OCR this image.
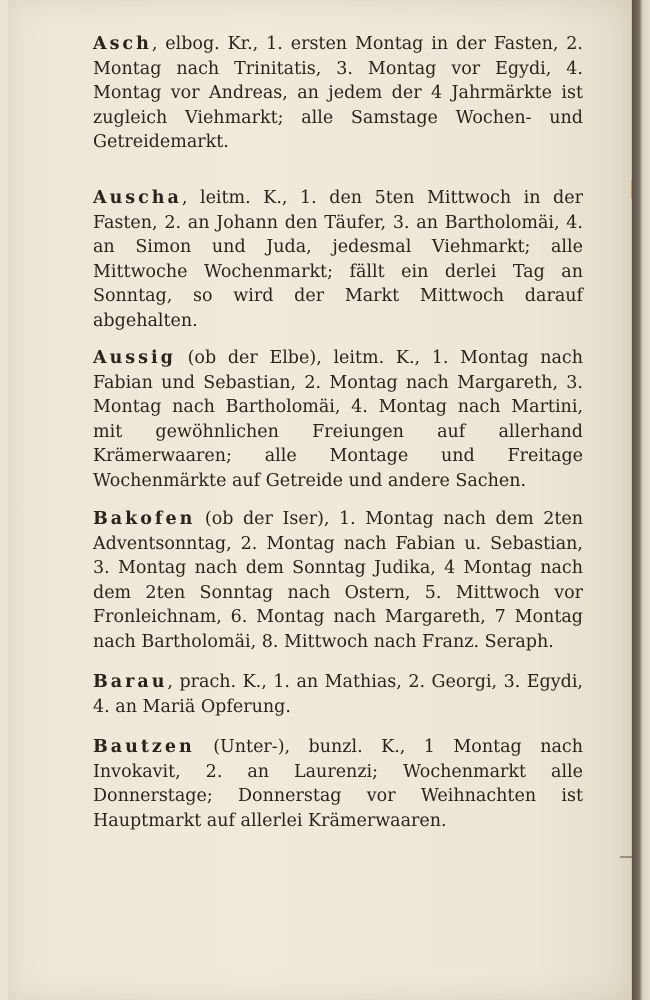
Asch, elbog. Kr., 1. ersten Montag in der Fasten, 2. Montag nach Trinitatis, 3. Montag vor Egydi, 4. Montag vor Andreas, an jedem der 4 Jahrmärkte ist zugleich Viehmarkt; alle Samstage Wochen- und Getreidemarkt.

Auscha, leitm. K., 1. den 5ten Mittwoch in der Fasten, 2. an Johann den Täufer, 3. an Bartholomäi, 4. an Simon und Juda, jedesmal Viehmarkt; alle Mittwoche Wochenmarkt; fällt ein derlei Tag an Sonntag, so wird der Markt Mittwoch darauf abgehalten.

Aussig (ob der Elbe), leitm. K., 1. Montag nach Fabian und Sebastian, 2. Montag nach Margareth, 3. Montag nach Bartholomäi, 4. Montag nach Martini, mit gewöhnlichen Freiungen auf allerhand Krämerwaaren; alle Montage und Freitage Wochenmärkte auf Getreide und andere Sachen.

Bakofen (ob der Iser), 1. Montag nach dem 2ten Adventsonntag, 2. Montag nach Fabian u. Sebastian, 3. Montag nach dem Sonntag Judika, 4 Montag nach dem 2ten Sonntag nach Ostern, 5. Mittwoch vor Fronleichnam, 6. Montag nach Margareth, 7 Montag nach Bartholomäi, 8. Mittwoch nach Franz. Seraph.

Barau, prach. K., 1. an Mathias, 2. Georgi, 3. Egydi, 4. an Mariä Opferung.

Bautzen (Unter-), bunzl. K., 1 Montag nach Invokavit, 2. an Laurenzi; Wochenmarkt alle Donnerstage; Donnerstag vor Weihnachten ist Hauptmarkt auf allerlei Krämerwaaren.
